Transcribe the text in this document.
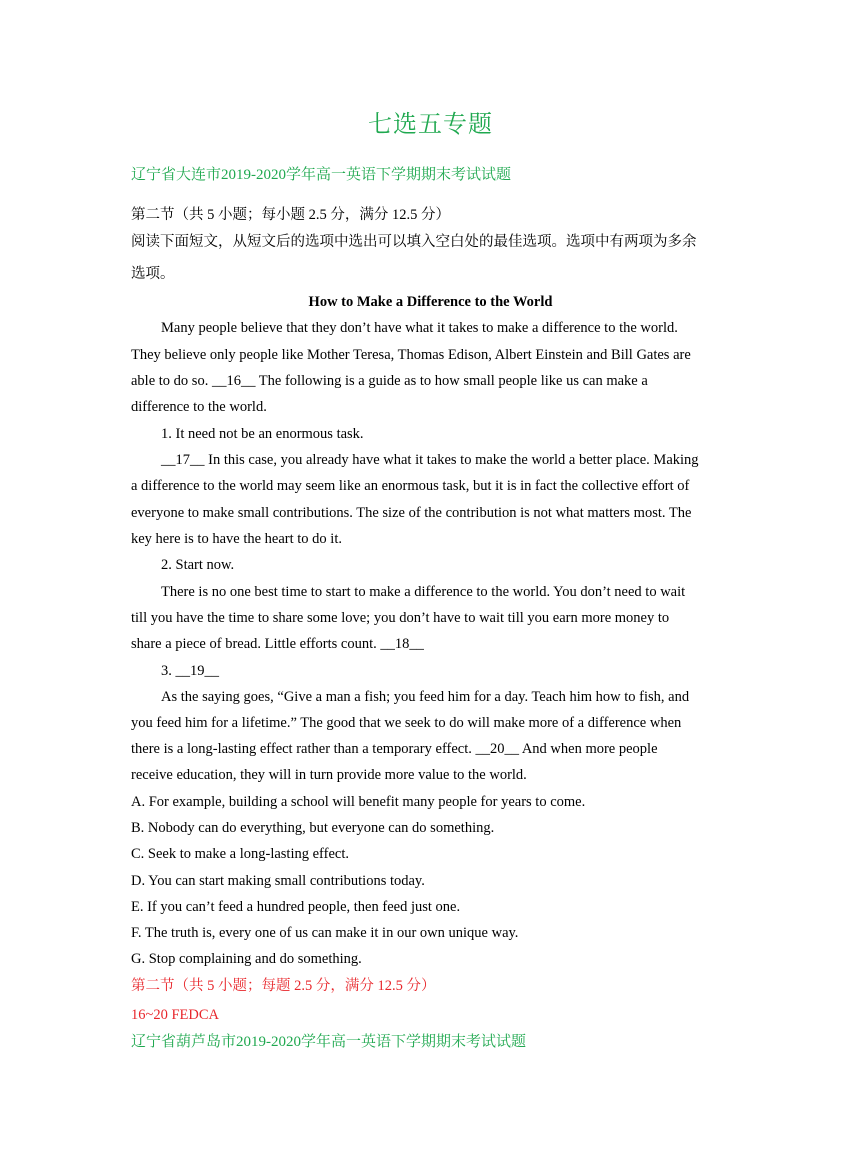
七选五专题
辽宁省大连市2019-2020学年高一英语下学期期末考试试题
第二节（共 5 小题；每小题 2.5 分，满分 12.5 分）
阅读下面短文，从短文后的选项中选出可以填入空白处的最佳选项。选项中有两项为多余
选项。
How to Make a Difference to the World
Many people believe that they don’t have what it takes to make a difference to the world.
They believe only people like Mother Teresa, Thomas Edison, Albert Einstein and Bill Gates are
able to do so. __16__ The following is a guide as to how small people like us can make a
difference to the world.
1. It need not be an enormous task.
__17__ In this case, you already have what it takes to make the world a better place. Making
a difference to the world may seem like an enormous task, but it is in fact the collective effort of
everyone to make small contributions. The size of the contribution is not what matters most. The
key here is to have the heart to do it.
2. Start now.
There is no one best time to start to make a difference to the world. You don’t need to wait
till you have the time to share some love; you don’t have to wait till you earn more money to
share a piece of bread. Little efforts count. __18__
3. __19__
As the saying goes, “Give a man a fish; you feed him for a day. Teach him how to fish, and
you feed him for a lifetime.” The good that we seek to do will make more of a difference when
there is a long-lasting effect rather than a temporary effect. __20__ And when more people
receive education, they will in turn provide more value to the world.
A. For example, building a school will benefit many people for years to come.
B. Nobody can do everything, but everyone can do something.
C. Seek to make a long-lasting effect.
D. You can start making small contributions today.
E. If you can’t feed a hundred people, then feed just one.
F. The truth is, every one of us can make it in our own unique way.
G. Stop complaining and do something.
第二节（共 5 小题；每题 2.5 分，满分 12.5 分）
16~20 FEDCA
辽宁省葫芦岛市2019-2020学年高一英语下学期期末考试试题
